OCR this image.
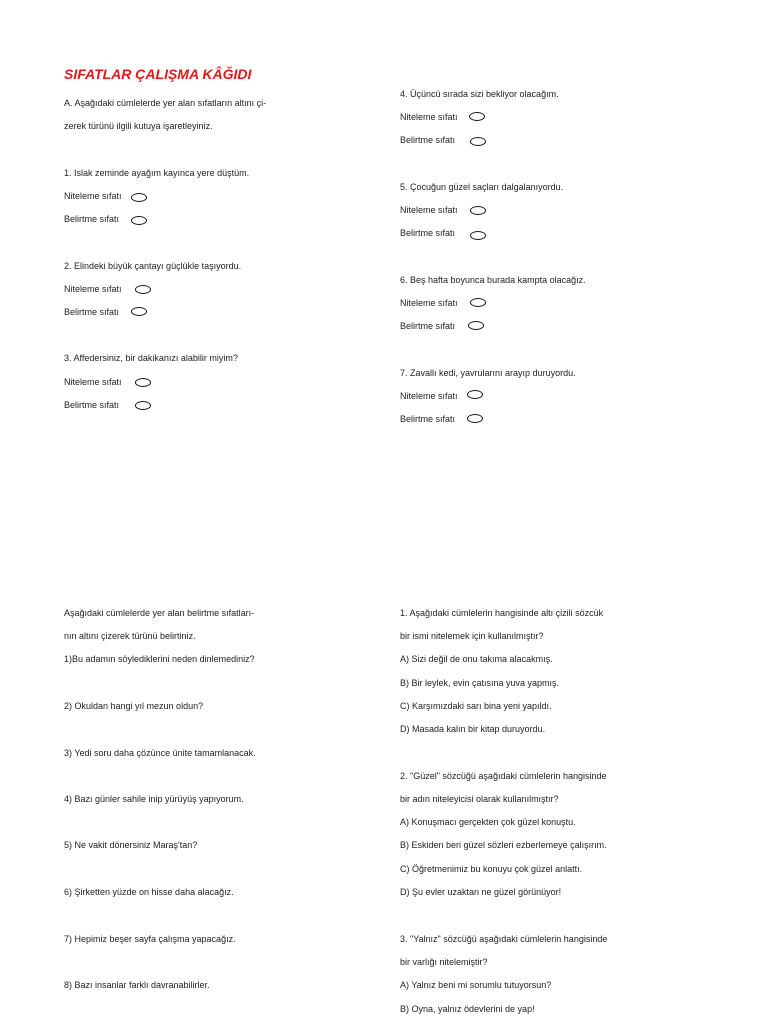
SIFATLAR ÇALIŞMA KÂĞIDI
A. Aşağıdaki cümlelerde yer alan sıfatların altını çi-
zerek türünü ilgili kutuya işaretleyiniz.
1. Islak zeminde ayağım kayınca yere düştüm.
Niteleme sıfatı
Belirtme sıfatı
2. Elindeki büyük çantayı güçlükle taşıyordu.
Niteleme sıfatı
Belirtme sıfatı
3. Affedersiniz, bir dakikanızı alabilir miyim?
Niteleme sıfatı
Belirtme sıfatı
4. Üçüncü sırada sizi bekliyor olacağım.
Niteleme sıfatı
Belirtme sıfatı
5. Çocuğun güzel saçları dalgalanıyordu.
Niteleme sıfatı
Belirtme sıfatı
6. Beş hafta boyunca burada kampta olacağız.
Niteleme sıfatı
Belirtme sıfatı
7. Zavallı kedi, yavrularını arayıp duruyordu.
Niteleme sıfatı
Belirtme sıfatı
Aşağıdaki cümlelerde yer alan belirtme sıfatları-
nın altını çizerek türünü belirtiniz.
1)Bu adamın söylediklerini neden dinlemediniz?
2) Okuldan hangi yıl mezun oldun?
3) Yedi soru daha çözünce ünite tamamlanacak.
4) Bazı günler sahile inip yürüyüş yapıyorum.
5) Ne vakit dönersiniz Maraş'tan?
6) Şirketten yüzde on hisse daha alacağız.
7) Hepimiz beşer sayfa çalışma yapacağız.
8) Bazı insanlar farklı davranabilirler.
1. Aşağıdaki cümlelerin hangisinde altı çizili sözcük
bir ismi nitelemek için kullanılmıştır?
A) Sizi değil de onu takıma alacakmış.
B) Bir leylek, evin çatısına yuva yapmış.
C) Karşımızdaki sarı bina yeni yapıldı.
D) Masada kalın bir kitap duruyordu.
2. "Güzel" sözcüğü aşağıdaki cümlelerin hangisinde
bir adın niteleyicisi olarak kullanılmıştır?
A) Konuşmacı gerçekten çok güzel konuştu.
B) Eskiden beri güzel sözleri ezberlemeye çalışırım.
C) Öğretmenimiz bu konuyu çok güzel anlattı.
D) Şu evler uzaktan ne güzel görünüyor!
3. "Yalnız" sözcüğü aşağıdaki cümlelerin hangisinde
bir varlığı nitelemiştir?
A) Yalnız beni mi sorumlu tutuyorsun?
B) Oyna, yalnız ödevlerini de yap!
